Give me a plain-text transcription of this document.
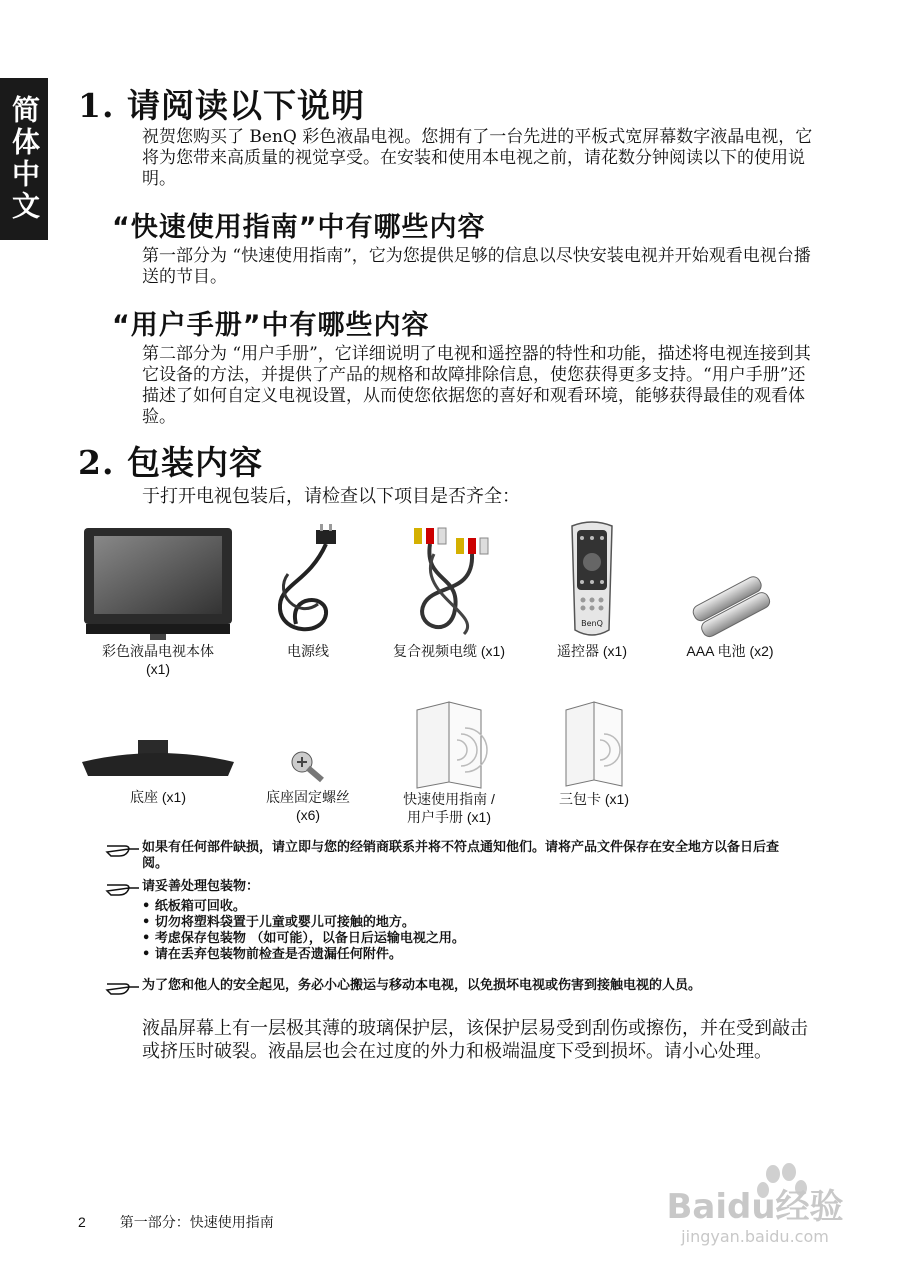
简体中文 1. 请阅读以下说明
祝贺您购买了 BenQ 彩色液晶电视。您拥有了一台先进的平板式宽屏幕数字液晶电视，它将为您带来高质量的视觉享受。在安装和使用本电视之前，请花数分钟阅读以下的使用说明。
“快速使用指南”中有哪些内容
第一部分为 “快速使用指南”，它为您提供足够的信息以尽快安装电视并开始观看电视台播送的节目。
“用户手册”中有哪些内容
第二部分为 “用户手册”，它详细说明了电视和遥控器的特性和功能，描述将电视连接到其它设备的方法，并提供了产品的规格和故障排除信息，使您获得更多支持。“用户手册”还描述了如何自定义电视设置，从而使您依据您的喜好和观看环境，能够获得最佳的观看体验。
2. 包装内容
于打开电视包装后，请检查以下项目是否齐全：
彩色液晶电视本体
(x1)
电源线	复合视频电缆 (x1)
BenQ
遥控器 (x1)	AAA 电池 (x2)
底座 (x1)	底座固定螺丝
(x6)
快速使用指南 /
用户手册 (x1)
三包卡 (x1)
如果有任何部件缺损，请立即与您的经销商联系并将不符点通知他们。请将产品文件保存在安全地方以备日后查阅。
请妥善处理包装物：
• 纸板箱可回收。
• 切勿将塑料袋置于儿童或婴儿可接触的地方。
• 考虑保存包装物 （如可能），以备日后运输电视之用。
• 请在丢弃包装物前检查是否遗漏任何附件。
为了您和他人的安全起见，务必小心搬运与移动本电视，以免损坏电视或伤害到接触电视的人员。
液晶屏幕上有一层极其薄的玻璃保护层，该保护层易受到刮伤或擦伤，并在受到敲击或挤压时破裂。液晶层也会在过度的外力和极端温度下受到损坏。请小心处理。
2 第一部分：快速使用指南	Baidu经验
jingyan.baidu.com
